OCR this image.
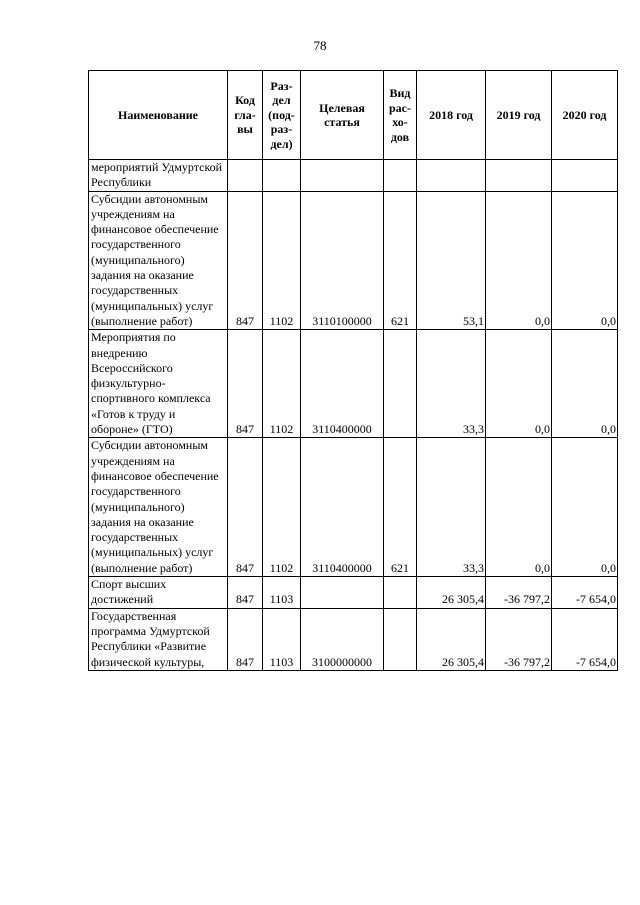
78
Наименование	Код гла- вы	Раз- дел (под- раз- дел)	Целевая статья	Вид рас- хо- дов	2018 год	2019 год	2020 год
мероприятий Удмуртской Республики							
Субсидии автономным учреждениям на финансовое обеспечение государственного (муниципального) задания на оказание государственных (муниципальных) услуг (выполнение работ)	847	1102	3110100000	621	53,1	0,0	0,0
Мероприятия по внедрению Всероссийского физкультурно-спортивного комплекса «Готов к труду и обороне» (ГТО)	847	1102	3110400000		33,3	0,0	0,0
Субсидии автономным учреждениям на финансовое обеспечение государственного (муниципального) задания на оказание государственных (муниципальных) услуг (выполнение работ)	847	1102	3110400000	621	33,3	0,0	0,0
Спорт высших достижений	847	1103			26 305,4	-36 797,2	-7 654,0
Государственная программа Удмуртской Республики «Развитие физической культуры,	847	1103	3100000000		26 305,4	-36 797,2	-7 654,0
